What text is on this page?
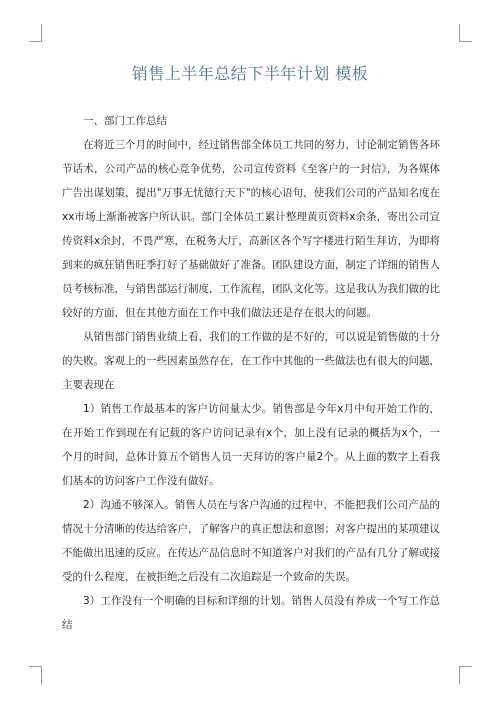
销售上半年总结下半年计划 模板

一、部门工作总结

在将近三个月的时间中，经过销售部全体员工共同的努力，讨论制定销售各环节话术，公司产品的核心竞争优势，公司宣传资料《至客户的一封信》，为各媒体广告出谋划策，提出"万事无忧德行天下"的核心语句，使我们公司的产品知名度在xx市场上渐渐被客户所认识。部门全体员工累计整理黄页资料x余条，寄出公司宣传资料x余封，不畏严寒，在税务大厅，高新区各个写字楼进行陌生拜访，为即将到来的疯狂销售旺季打好了基础做好了准备。团队建设方面，制定了详细的销售人员考核标准，与销售部运行制度，工作流程，团队文化等。这是我认为我们做的比较好的方面，但在其他方面在工作中我们做法还是存在很大的问题。

从销售部门销售业绩上看，我们的工作做的是不好的，可以说是销售做的十分的失败。客观上的一些因素虽然存在，在工作中其他的一些做法也有很大的问题，主要表现在

1）销售工作最基本的客户访问量太少。销售部是今年x月中旬开始工作的，在开始工作到现在有记载的客户访问记录有x个，加上没有记录的概括为x个，一个月的时间，总体计算五个销售人员一天拜访的客户量2个。从上面的数字上看我们基本的访问客户工作没有做好。

2）沟通不够深入。销售人员在与客户沟通的过程中，不能把我们公司产品的情况十分清晰的传达给客户，了解客户的真正想法和意图；对客户提出的某项建议不能做出迅速的反应。在传达产品信息时不知道客户对我们的产品有几分了解或接受的什么程度，在被拒绝之后没有二次追踪是一个致命的失误。

3）工作没有一个明确的目标和详细的计划。销售人员没有养成一个写工作总结
